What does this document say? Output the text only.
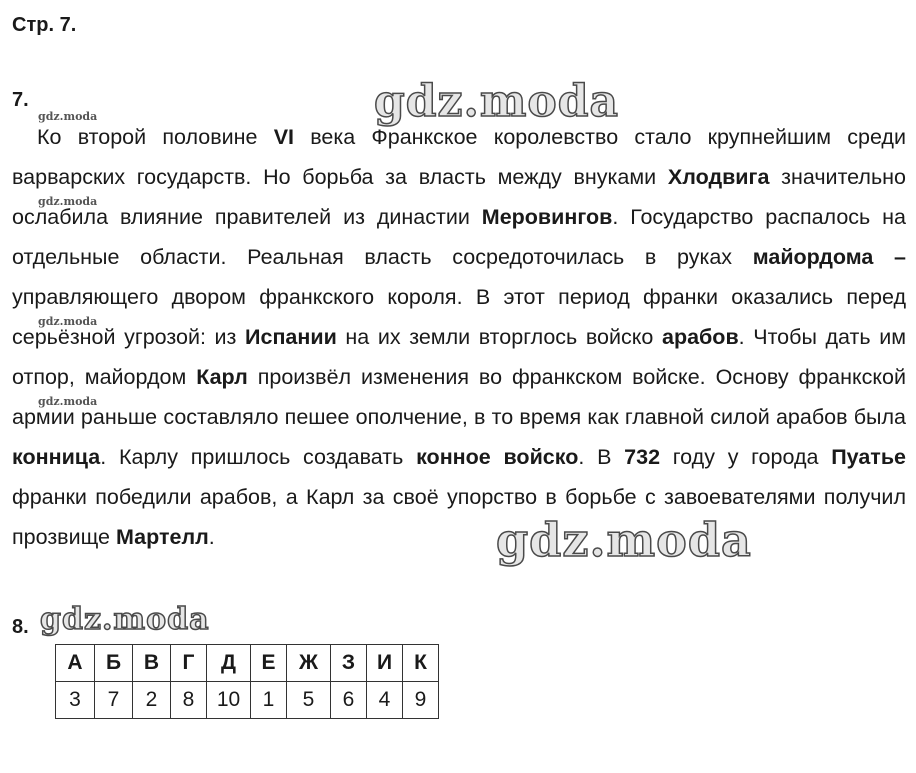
Стр. 7.
7.	gdz.moda
gdz.moda
gdz.moda
gdz.moda
gdz.moda

Ко второй половине VI века Франкское королевство стало крупнейшим среди варварских государств. Но борьба за власть между внуками Хлодвига значительно ослабила влияние правителей из династии Меровингов. Государство распалось на отдельные области. Реальная власть сосредоточилась в руках майордома – управляющего двором франкского короля. В этот период франки оказались перед серьёзной угрозой: из Испании на их земли вторглось войско арабов. Чтобы дать им отпор, майордом Карл произвёл изменения во франкском войске. Основу франкской армии раньше составляло пешее ополчение, в то время как главной силой арабов была конница. Карлу пришлось создавать конное войско. В 732 году у города Пуатье франки победили арабов, а Карл за своё упорство в борьбе с завоевателями получил прозвище Мартелл.	gdz.moda
8. gdz.moda
А	Б	В	Г	Д	Е	Ж	З	И	К
3	7	2	8	10	1	5	6	4	9
